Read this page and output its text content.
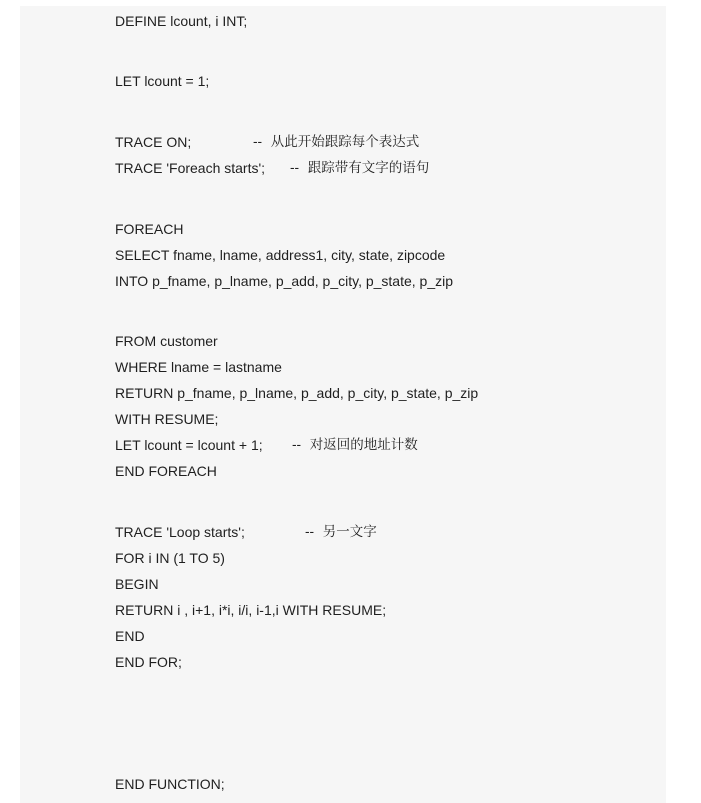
DEFINE lcount, i INT;
LET lcount = 1;
TRACE ON;	--  从此开始跟踪每个表达式
TRACE 'Foreach starts'; --  跟踪带有文字的语句
FOREACH
SELECT fname, lname, address1, city, state, zipcode
INTO p_fname, p_lname, p_add, p_city, p_state, p_zip
FROM customer
WHERE lname = lastname
RETURN p_fname, p_lname, p_add, p_city, p_state, p_zip
WITH RESUME;
LET lcount = lcount + 1; --  对返回的地址计数
END FOREACH
TRACE 'Loop starts';	--  另一文字
FOR i IN (1 TO 5)
BEGIN
RETURN i , i+1, i*i, i/i, i-1,i WITH RESUME;
END
END FOR;
END FUNCTION;
